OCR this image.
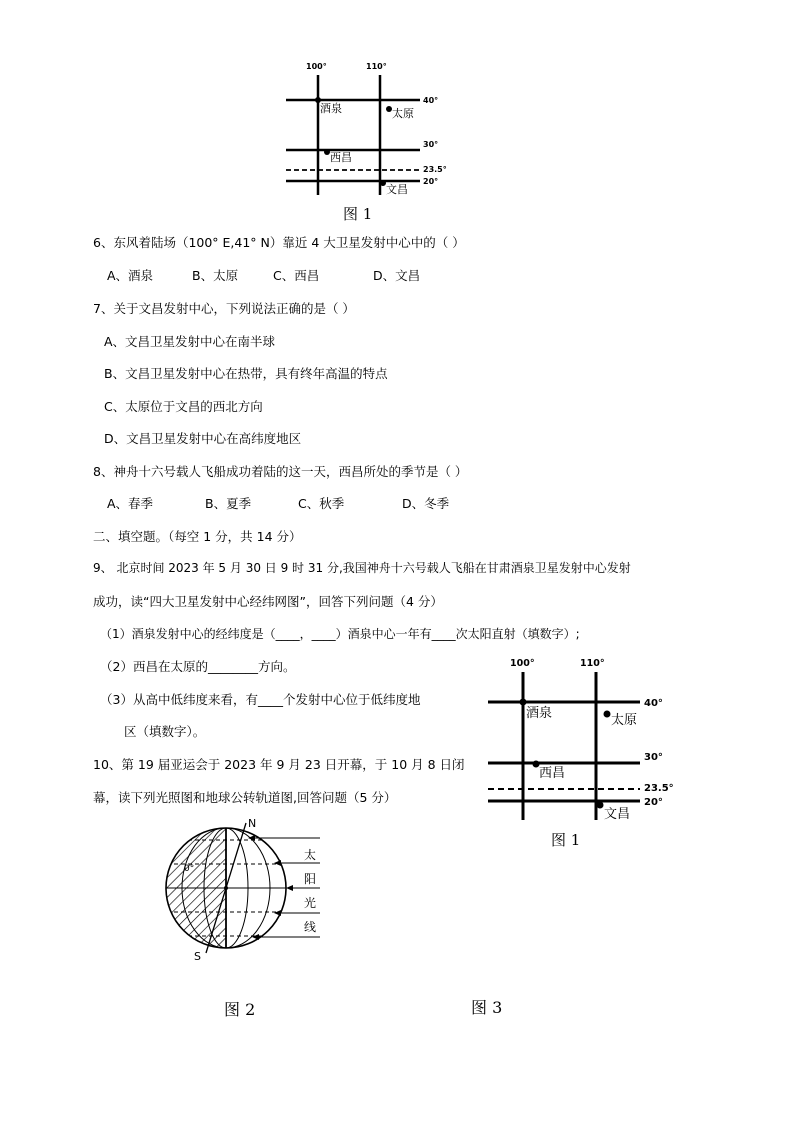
100°	110°
40°
30°
23.5°
20°
酒泉	太原
西昌
文昌
图 1
6、东风着陆场（100° E,41° N）靠近 4 大卫星发射中心中的（ ）
A、酒泉	B、太原	C、西昌	D、文昌
7、关于文昌发射中心，下列说法正确的是（ ）
A、文昌卫星发射中心在南半球
B、文昌卫星发射中心在热带，具有终年高温的特点
C、太原位于文昌的西北方向
D、文昌卫星发射中心在高纬度地区
8、神舟十六号载人飞船成功着陆的这一天，西昌所处的季节是（ ）
A、春季	B、夏季	C、秋季	D、冬季
二、填空题。（每空 1 分，共 14 分）
9、 北京时间 2023 年 5 月 30 日 9 时 31 分,我国神舟十六号载人飞船在甘肃酒泉卫星发射中心发射
成功，读“四大卫星发射中心经纬网图”，回答下列问题（4 分）
（1）酒泉发射中心的经纬度是（____，____）酒泉中心一年有____次太阳直射（填数字）;
（2）西昌在太原的________方向。
（3）从高中低纬度来看，有____个发射中心位于低纬度地
区（填数字）。
100°	110°
40°
30°
23.5°
20°
酒泉	太原
西昌
文昌
图 1
10、第 19 届亚运会于 2023 年 9 月 23 日开幕，于 10 月 8 日闭
幕，读下列光照图和地球公转轨道图,回答问题（5 分）
N
S
0°
太
阳
光
线
图 2	图 3
